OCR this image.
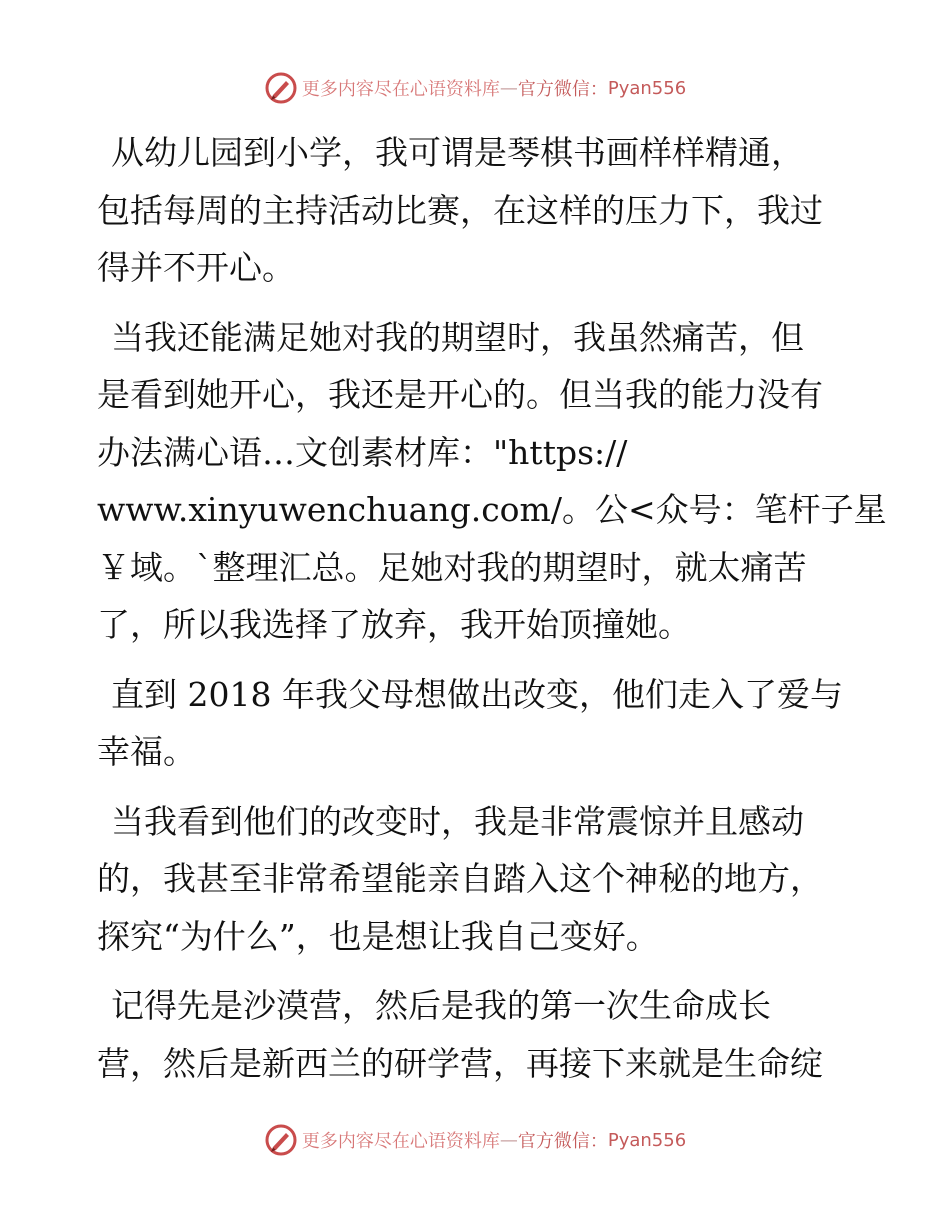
更多内容尽在心语资料库 — 官方微信： Pyan556
从幼儿园到小学，我可谓是琴棋书画样样精通，
包括每周的主持活动比赛，在这样的压力下，我过
得并不开心。
当我还能满足她对我的期望时，我虽然痛苦，但
是看到她开心，我还是开心的。但当我的能力没有
办法满心语…文创素材库："https://
www.xinyuwenchuang.com/。公<众号：笔杆子星
￥域。`整理汇总。足她对我的期望时，就太痛苦
了，所以我选择了放弃，我开始顶撞她。
直到 2018 年我父母想做出改变，他们走入了爱与
幸福。
当我看到他们的改变时，我是非常震惊并且感动
的，我甚至非常希望能亲自踏入这个神秘的地方，
探究“为什么”，也是想让我自己变好。
记得先是沙漠营，然后是我的第一次生命成长
营，然后是新西兰的研学营，再接下来就是生命绽
更多内容尽在心语资料库 — 官方微信： Pyan556
